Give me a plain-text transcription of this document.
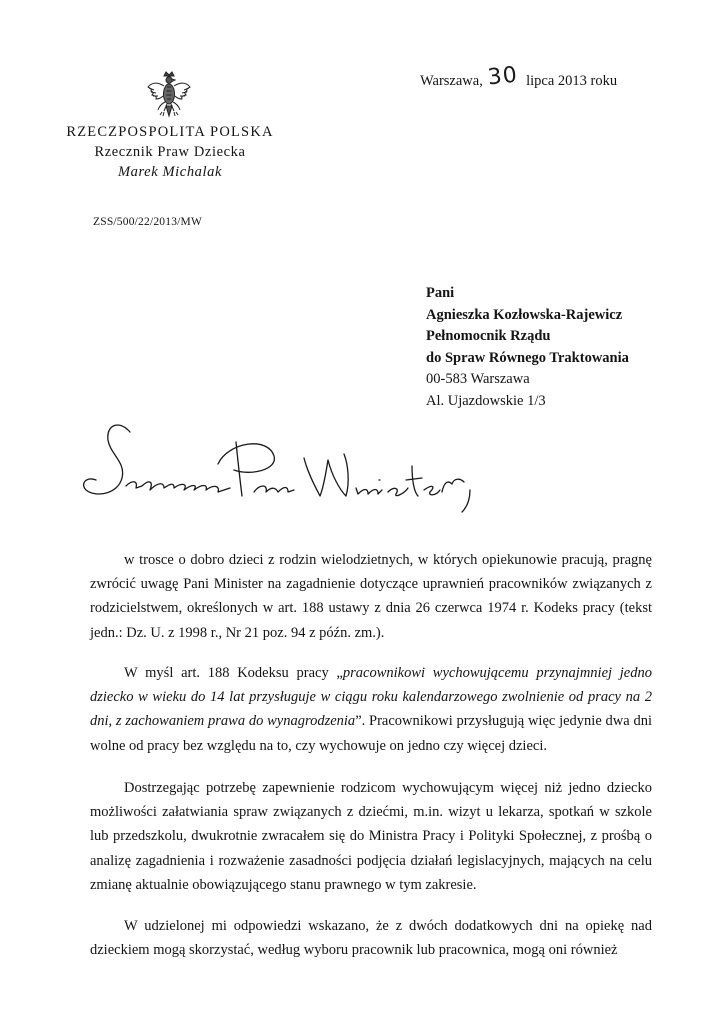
RZECZPOSPOLITA POLSKA
Rzecznik Praw Dziecka
Marek Michalak
ZSS/500/22/2013/MW
Warszawa, 30 lipca 2013 roku
Pani
Agnieszka Kozłowska-Rajewicz
Pełnomocnik Rządu
do Spraw Równego Traktowania
00-583 Warszawa
Al. Ujazdowskie 1/3
w trosce o dobro dzieci z rodzin wielodzietnych, w których opiekunowie pracują, pragnę zwrócić uwagę Pani Minister na zagadnienie dotyczące uprawnień pracowników związanych z rodzicielstwem, określonych w art. 188 ustawy z dnia 26 czerwca 1974 r. Kodeks pracy (tekst jedn.: Dz. U. z 1998 r., Nr 21 poz. 94 z późn. zm.).
W myśl art. 188 Kodeksu pracy „pracownikowi wychowującemu przynajmniej jedno dziecko w wieku do 14 lat przysługuje w ciągu roku kalendarzowego zwolnienie od pracy na 2 dni, z zachowaniem prawa do wynagrodzenia”. Pracownikowi przysługują więc jedynie dwa dni wolne od pracy bez względu na to, czy wychowuje on jedno czy więcej dzieci.
Dostrzegając potrzebę zapewnienie rodzicom wychowującym więcej niż jedno dziecko możliwości załatwiania spraw związanych z dziećmi, m.in. wizyt u lekarza, spotkań w szkole lub przedszkolu, dwukrotnie zwracałem się do Ministra Pracy i Polityki Społecznej, z prośbą o analizę zagadnienia i rozważenie zasadności podjęcia działań legislacyjnych, mających na celu zmianę aktualnie obowiązującego stanu prawnego w tym zakresie.
W udzielonej mi odpowiedzi wskazano, że z dwóch dodatkowych dni na opiekę nad dzieckiem mogą skorzystać, według wyboru pracownik lub pracownica, mogą oni również
